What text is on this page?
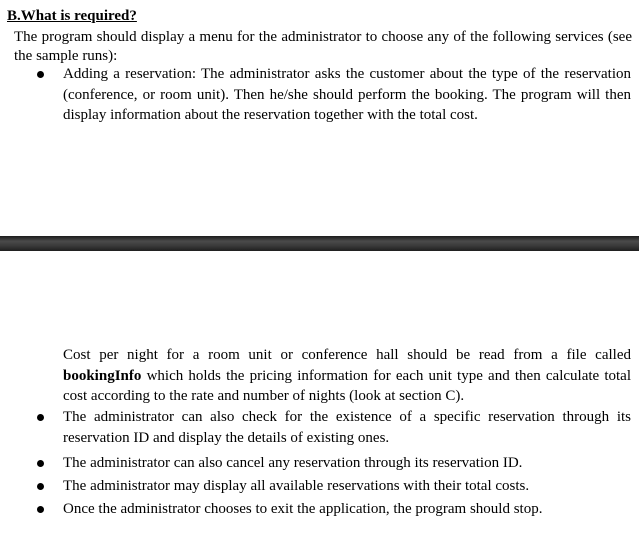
B.What is required?
The program should display a menu for the administrator to choose any of the following services (see the sample runs):
Adding a reservation: The administrator asks the customer about the type of the reservation (conference, or room unit). Then he/she should perform the booking. The program will then display information about the reservation together with the total cost.
Cost per night for a room unit or conference hall should be read from a file called bookingInfo which holds the pricing information for each unit type and then calculate total cost according to the rate and number of nights (look at section C).
The administrator can also check for the existence of a specific reservation through its reservation ID and display the details of existing ones.
The administrator can also cancel any reservation through its reservation ID.
The administrator may display all available reservations with their total costs.
Once the administrator chooses to exit the application, the program should stop.
